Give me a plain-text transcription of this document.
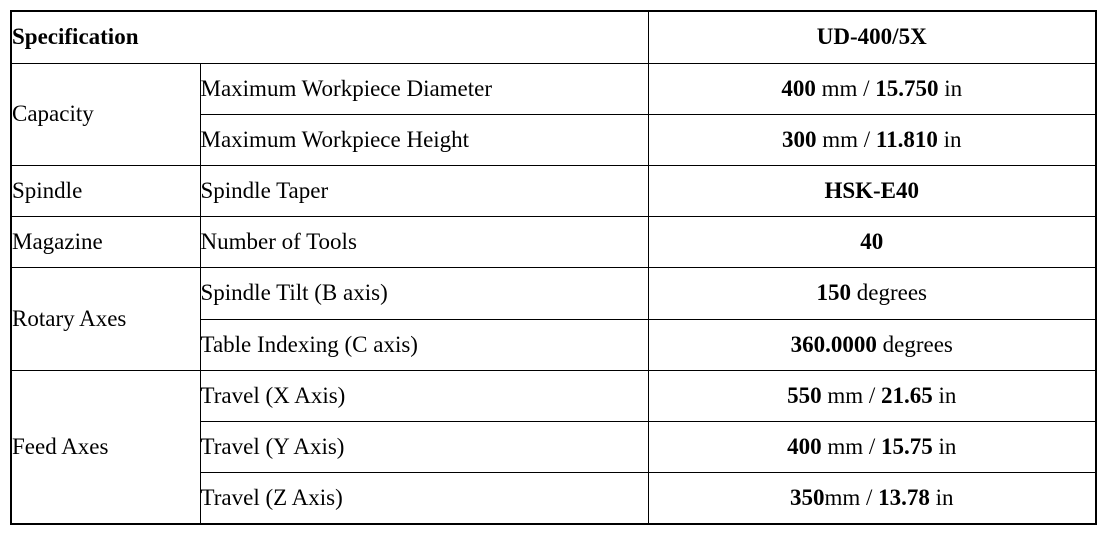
Specification		UD-400/5X
Capacity	Maximum Workpiece Diameter	400 mm / 15.750 in
	Maximum Workpiece Height	300 mm / 11.810 in
Spindle	Spindle Taper	HSK-E40
Magazine	Number of Tools	40
Rotary Axes	Spindle Tilt (B axis)	150 degrees
	Table Indexing (C axis)	360.0000 degrees
Feed Axes	Travel (X Axis)	550 mm / 21.65 in
	Travel (Y Axis)	400 mm / 15.75 in
	Travel (Z Axis)	350mm / 13.78 in
